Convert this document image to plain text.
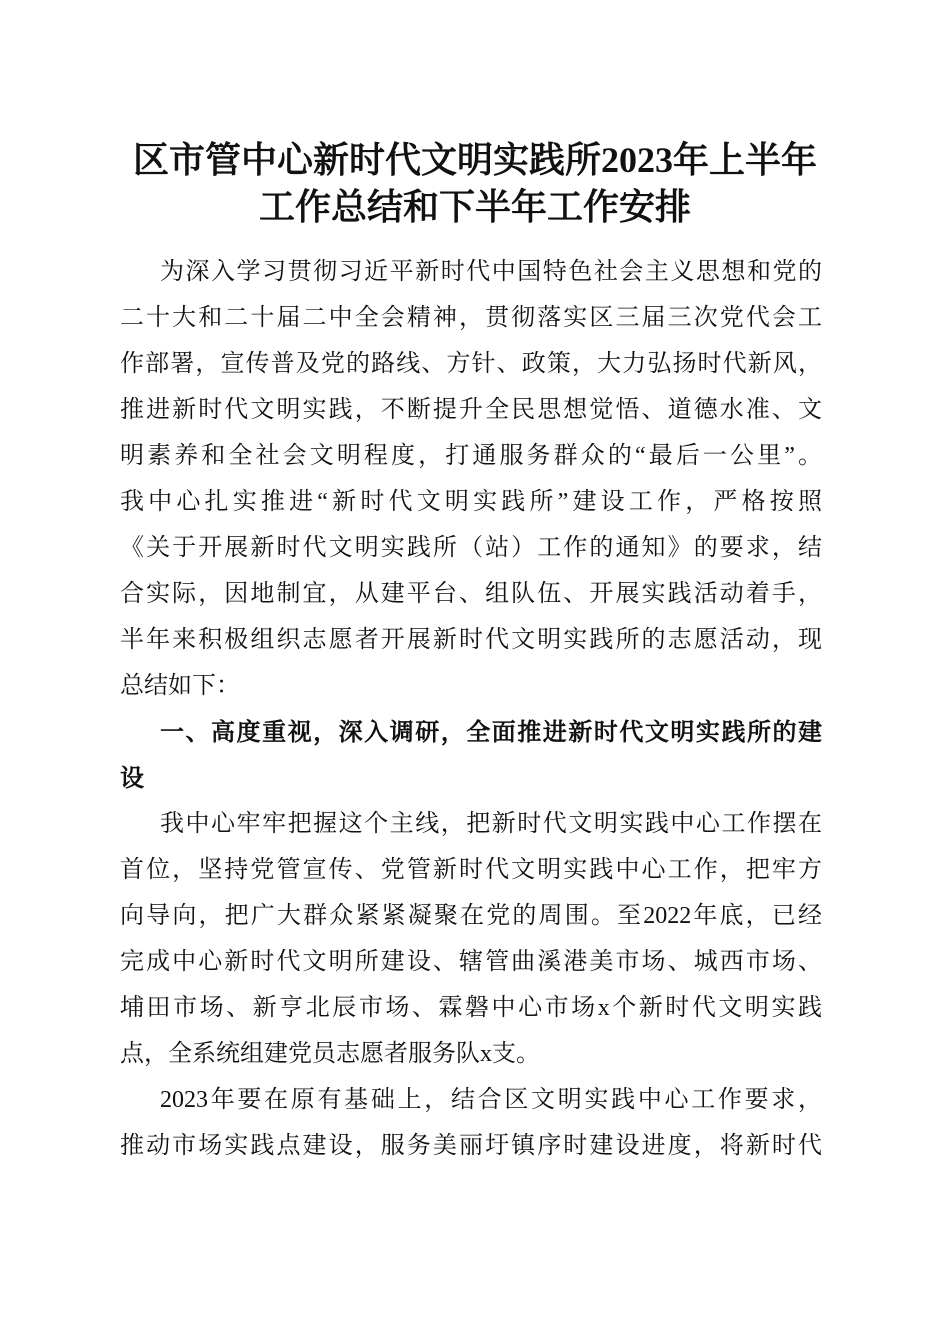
区市管中心新时代文明实践所2023年上半年
工作总结和下半年工作安排
为深入学习贯彻习近平新时代中国特色社会主义思想和党的
二十大和二十届二中全会精神，贯彻落实区三届三次党代会工
作部署，宣传普及党的路线、方针、政策，大力弘扬时代新风，
推进新时代文明实践，不断提升全民思想觉悟、道德水准、文
明素养和全社会文明程度，打通服务群众的“最后一公里”。
我中心扎实推进“新时代文明实践所”建设工作，严格按照
《关于开展新时代文明实践所（站）工作的通知》的要求，结
合实际，因地制宜，从建平台、组队伍、开展实践活动着手，
半年来积极组织志愿者开展新时代文明实践所的志愿活动，现
总结如下：
一、高度重视，深入调研，全面推进新时代文明实践所的建
设
我中心牢牢把握这个主线，把新时代文明实践中心工作摆在
首位，坚持党管宣传、党管新时代文明实践中心工作，把牢方
向导向，把广大群众紧紧凝聚在党的周围。至2022年底，已经
完成中心新时代文明所建设、辖管曲溪港美市场、城西市场、
埔田市场、新亨北辰市场、霖磐中心市场x个新时代文明实践
点，全系统组建党员志愿者服务队x支。
2023年要在原有基础上，结合区文明实践中心工作要求，
推动市场实践点建设，服务美丽圩镇序时建设进度，将新时代
